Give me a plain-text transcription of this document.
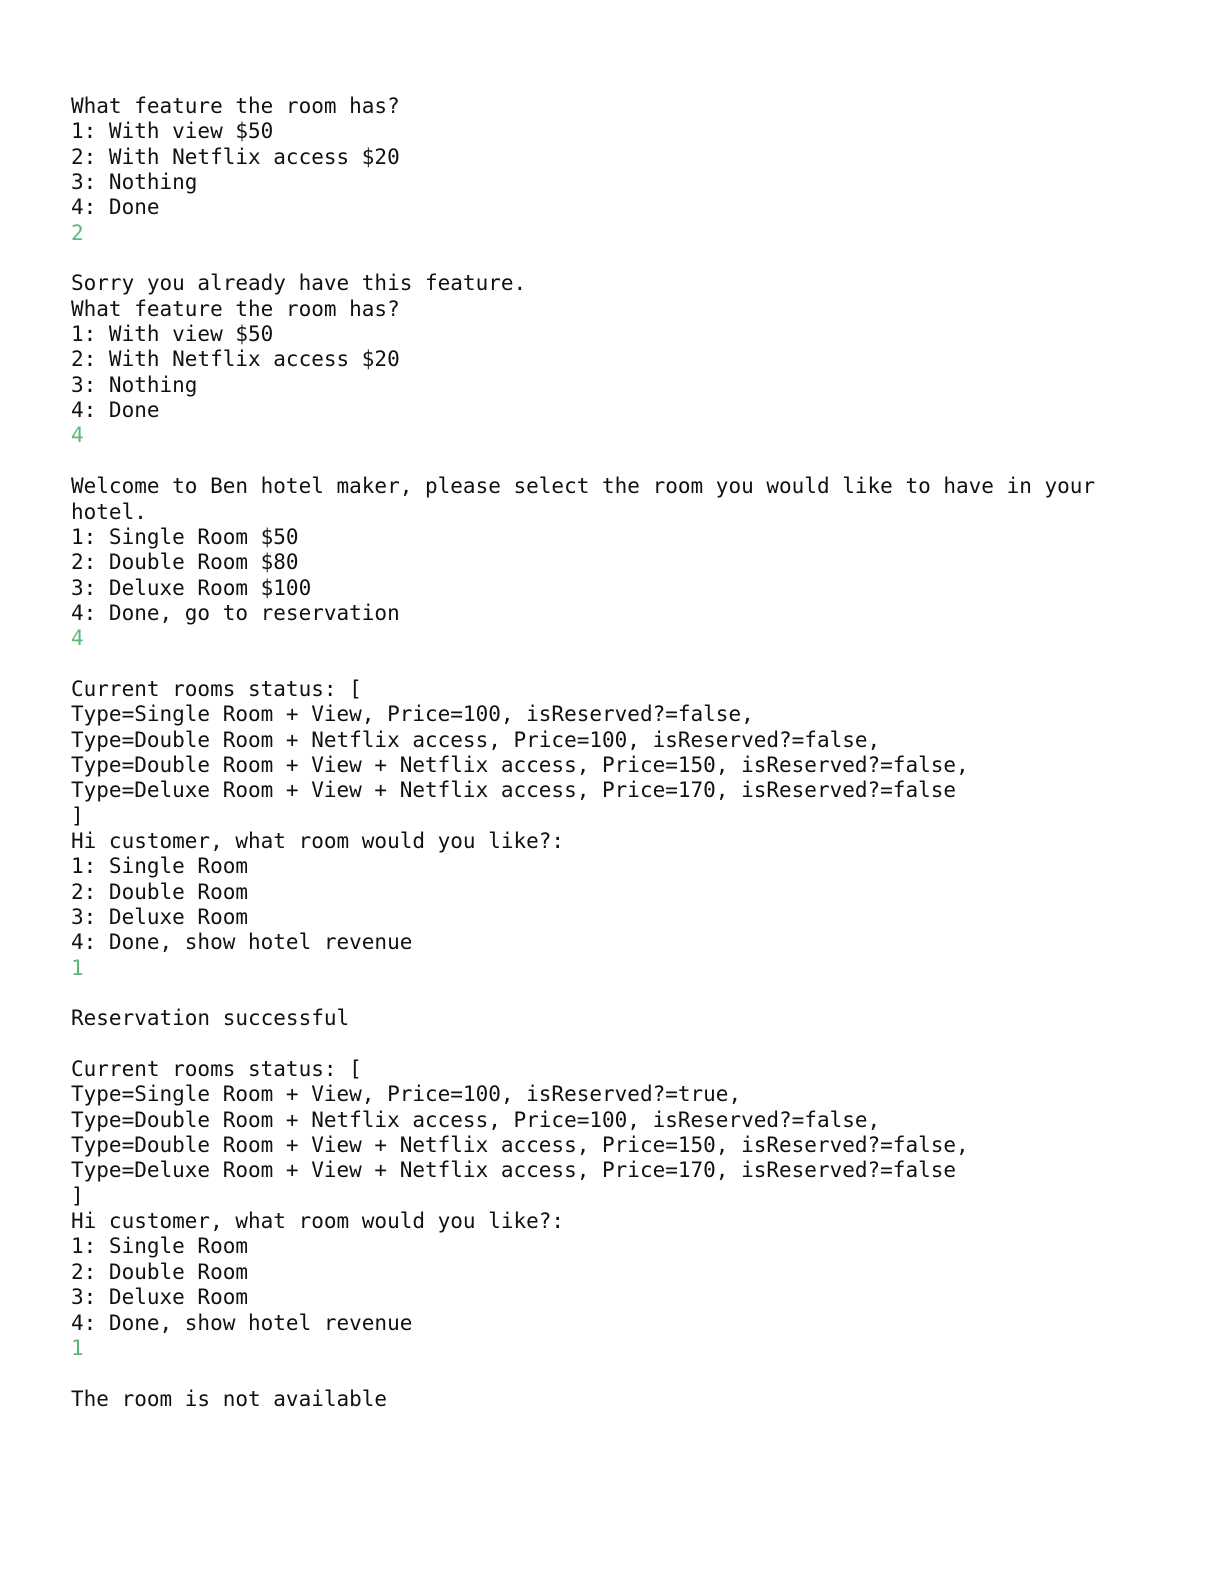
What feature the room has?
1: With view $50
2: With Netflix access $20
3: Nothing
4: Done
2
Sorry you already have this feature.
What feature the room has?
1: With view $50
2: With Netflix access $20
3: Nothing
4: Done
4
Welcome to Ben hotel maker, please select the room you would like to have in your hotel.
1: Single Room $50
2: Double Room $80
3: Deluxe Room $100
4: Done, go to reservation
4
Current rooms status: [
Type=Single Room + View, Price=100, isReserved?=false,
Type=Double Room + Netflix access, Price=100, isReserved?=false,
Type=Double Room + View + Netflix access, Price=150, isReserved?=false,
Type=Deluxe Room + View + Netflix access, Price=170, isReserved?=false
]
Hi customer, what room would you like?:
1: Single Room
2: Double Room
3: Deluxe Room
4: Done, show hotel revenue
1
Reservation successful
Current rooms status: [
Type=Single Room + View, Price=100, isReserved?=true,
Type=Double Room + Netflix access, Price=100, isReserved?=false,
Type=Double Room + View + Netflix access, Price=150, isReserved?=false,
Type=Deluxe Room + View + Netflix access, Price=170, isReserved?=false
]
Hi customer, what room would you like?:
1: Single Room
2: Double Room
3: Deluxe Room
4: Done, show hotel revenue
1
The room is not available
